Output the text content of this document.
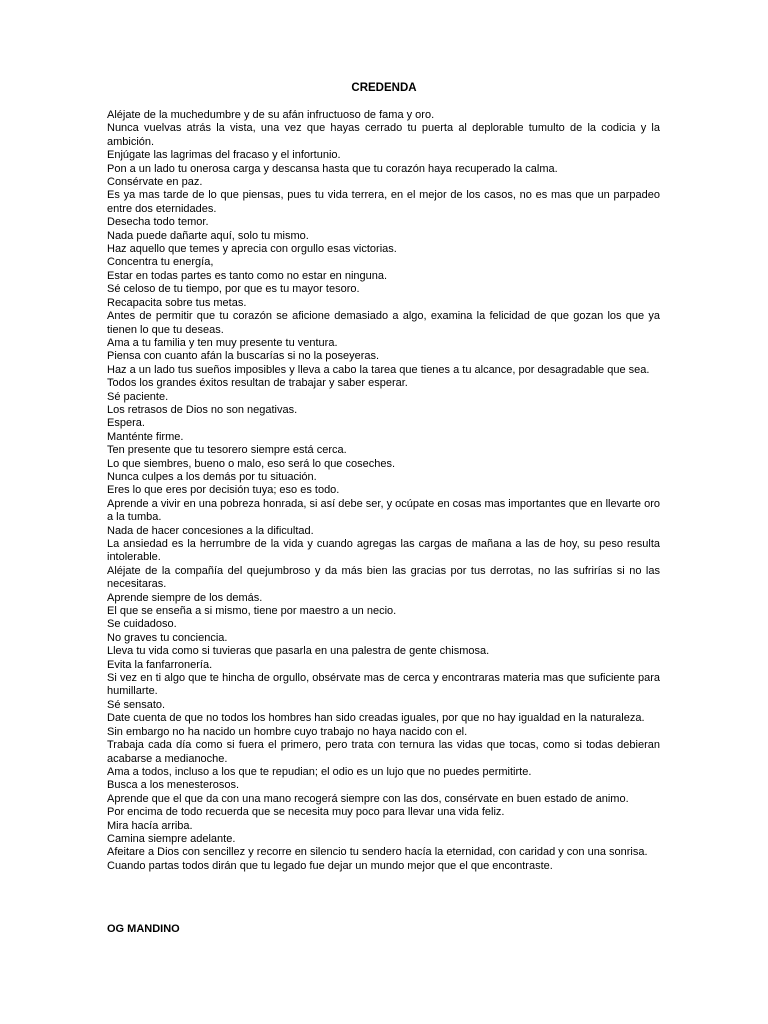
CREDENDA
Aléjate de la muchedumbre y de su afán infructuoso de fama y oro.
Nunca vuelvas atrás la vista, una vez que hayas cerrado tu puerta al deplorable tumulto de la codicia y la ambición.
Enjúgate las lagrimas del fracaso y el infortunio.
Pon a un lado tu onerosa carga y descansa hasta que tu corazón haya recuperado la calma.
Consérvate en paz.
Es ya mas tarde de lo que piensas, pues tu vida terrera, en el mejor de los casos, no es mas que un parpadeo entre dos eternidades.
Desecha todo temor.
Nada puede dañarte aquí, solo tu mismo.
Haz aquello que temes y aprecia con orgullo esas victorias.
Concentra tu energía,
Estar en todas partes es tanto como no estar en ninguna.
Sé celoso de tu tiempo, por que es tu mayor tesoro.
Recapacita sobre tus metas.
Antes de permitir que tu corazón se aficione demasiado a algo, examina la felicidad de que gozan los que ya tienen lo que tu deseas.
Ama a tu familia y ten muy presente tu ventura.
Piensa con cuanto afán la buscarías si no la poseyeras.
Haz a un lado tus sueños imposibles y lleva a cabo la tarea que tienes a tu alcance, por desagradable que sea.
Todos los grandes éxitos resultan de trabajar y saber esperar.
Sé paciente.
Los retrasos de Dios no son negativas.
Espera.
Manténte firme.
Ten presente que tu tesorero siempre está cerca.
Lo que siembres, bueno o malo, eso será lo que coseches.
Nunca culpes a los demás por tu situación.
Eres lo que eres por decisión tuya; eso es todo.
Aprende a vivir en una pobreza honrada, si así debe ser, y ocúpate en cosas mas importantes que en llevarte oro a la tumba.
Nada de hacer concesiones a la dificultad.
La ansiedad es la herrumbre de la vida y cuando agregas las cargas de mañana a las de hoy, su peso resulta intolerable.
Aléjate de la compañía del quejumbroso y da más bien las gracias por tus derrotas, no las sufrirías si no las necesitaras.
Aprende siempre de los demás.
El que se enseña a si mismo, tiene por maestro a un necio.
Se cuidadoso.
No graves tu conciencia.
Lleva tu vida como si tuvieras que pasarla en una palestra de gente chismosa.
Evita la fanfarronería.
Si vez en ti algo que te hincha de orgullo, obsérvate mas de cerca y encontraras materia mas que suficiente para humillarte.
Sé sensato.
Date cuenta de que no todos los hombres han sido creadas iguales, por que no hay igualdad en la naturaleza.
Sin embargo no ha nacido un hombre cuyo trabajo no haya nacido con el.
Trabaja cada día como si fuera el primero, pero trata con ternura las vidas que tocas, como si todas debieran acabarse a medianoche.
Ama a todos, incluso a los que te repudian; el odio es un lujo que no puedes permitirte.
Busca a los menesterosos.
Aprende que el que da con una mano recogerá siempre con las dos, consérvate en buen estado de animo.
Por encima de todo recuerda que se necesita muy poco para llevar una vida feliz.
Mira hacía arriba.
Camina siempre adelante.
Afeitare a Dios con sencillez y recorre en silencio tu sendero hacía la eternidad, con caridad y con una sonrisa.
Cuando partas todos dirán que tu legado fue dejar un mundo mejor que el que encontraste.
OG MANDINO
